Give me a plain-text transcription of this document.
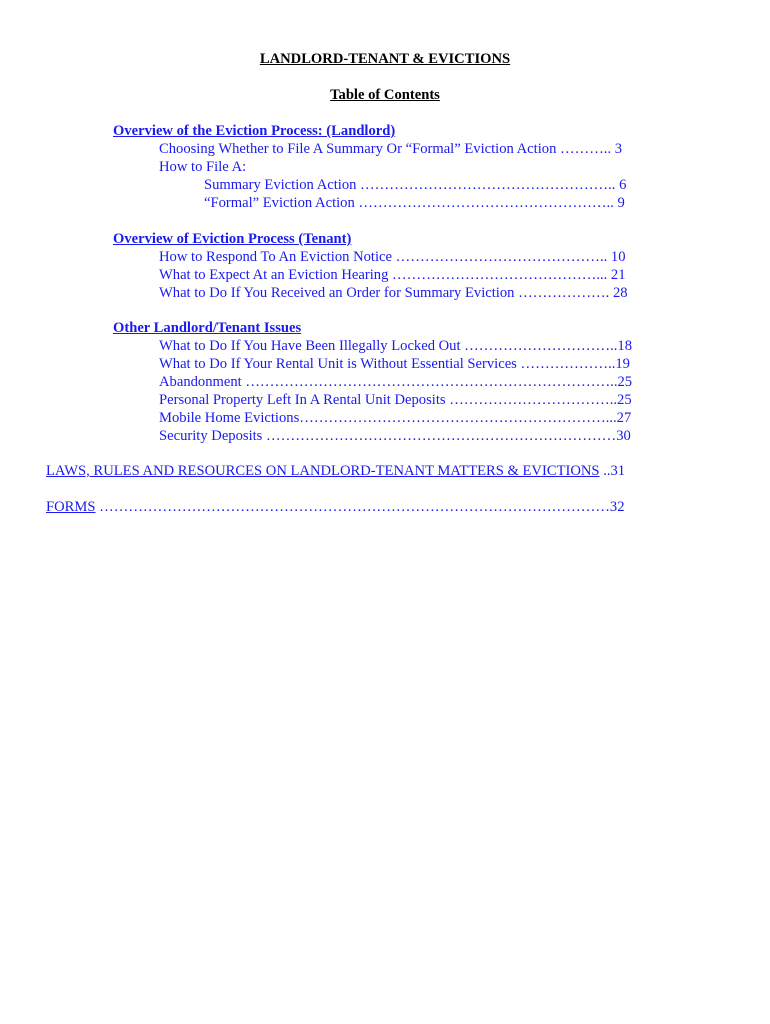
LANDLORD-TENANT & EVICTIONS
Table of Contents
Overview of the Eviction Process: (Landlord)
Choosing Whether to File A Summary Or “Formal” Eviction Action ……….. 3
How to File A:
Summary Eviction Action …………………………………………….. 6
“Formal” Eviction Action …………………………………………….. 9
Overview of Eviction Process (Tenant)
How to Respond To An Eviction Notice …………………………………….. 10
What to Expect At an Eviction Hearing ……………………………………... 21
What to Do If You Received an Order for Summary Eviction ………………. 28
Other Landlord/Tenant Issues
What to Do If You Have Been Illegally Locked Out …………………………..18
What to Do If Your Rental Unit is Without Essential Services ………………..19
Abandonment …………………………………………………………………..25
Personal Property Left In A Rental Unit Deposits ……………………………..25
Mobile Home Evictions………………………………………………………...27
Security Deposits ………………………………………………………………30
LAWS, RULES AND RESOURCES ON LANDLORD-TENANT MATTERS & EVICTIONS ..31
FORMS ……………………………………………………………………………………………32
